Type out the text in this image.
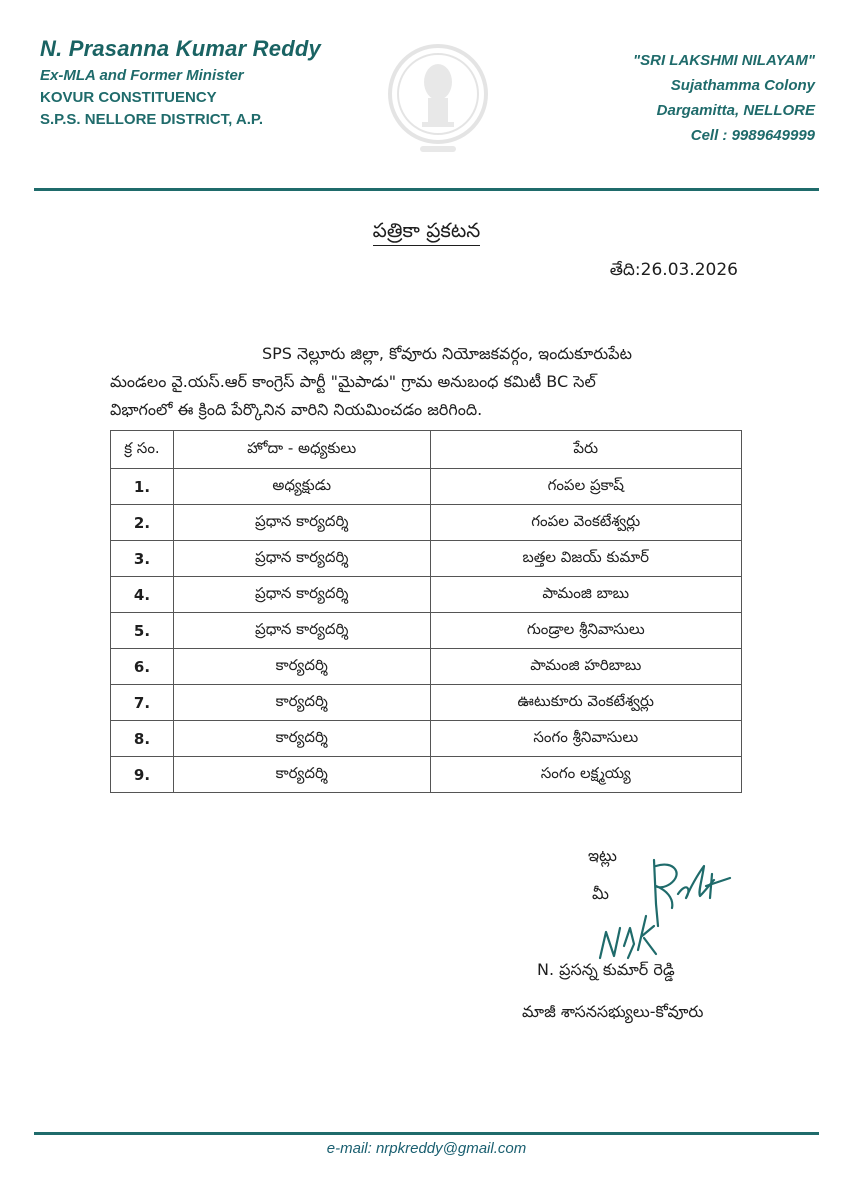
N. Prasanna Kumar Reddy
Ex-MLA and Former Minister
KOVUR CONSTITUENCY
S.P.S. NELLORE DISTRICT, A.P.
"SRI LAKSHMI NILAYAM"
Sujathamma Colony
Dargamitta, NELLORE
Cell : 9989649999
పత్రికా ప్రకటన
తేది:26.03.2026

SPS నెల్లూరు జిల్లా, కోవూరు నియోజకవర్గం, ఇందుకూరుపేట

మండలం వై.యస్.ఆర్ కాంగ్రెస్ పార్టీ "మైపాడు" గ్రామ అనుబంధ కమిటీ BC సెల్

విభాగంలో ఈ క్రింది పేర్కొనిన వారిని నియమించడం జరిగింది.

క్ర సం.	హోదా - అధ్యకులు	పేరు
1.	అధ్యక్షుడు	గంపల ప్రకాష్
2.	ప్రధాన కార్యదర్శి	గంపల వెంకటేశ్వర్లు
3.	ప్రధాన కార్యదర్శి	బత్తల విజయ్ కుమార్
4.	ప్రధాన కార్యదర్శి	పామంజి బాబు
5.	ప్రధాన కార్యదర్శి	గుండ్రాల శ్రీనివాసులు
6.	కార్యదర్శి	పామంజి హరిబాబు
7.	కార్యదర్శి	ఊటుకూరు వెంకటేశ్వర్లు
8.	కార్యదర్శి	సంగం శ్రీనివాసులు
9.	కార్యదర్శి	సంగం లక్ష్మయ్య
ఇట్లు
మీ
N. ప్రసన్న కుమార్ రెడ్డి
మాజీ శాసనసభ్యులు-కోవూరు
e-mail: nrpkreddy@gmail.com
